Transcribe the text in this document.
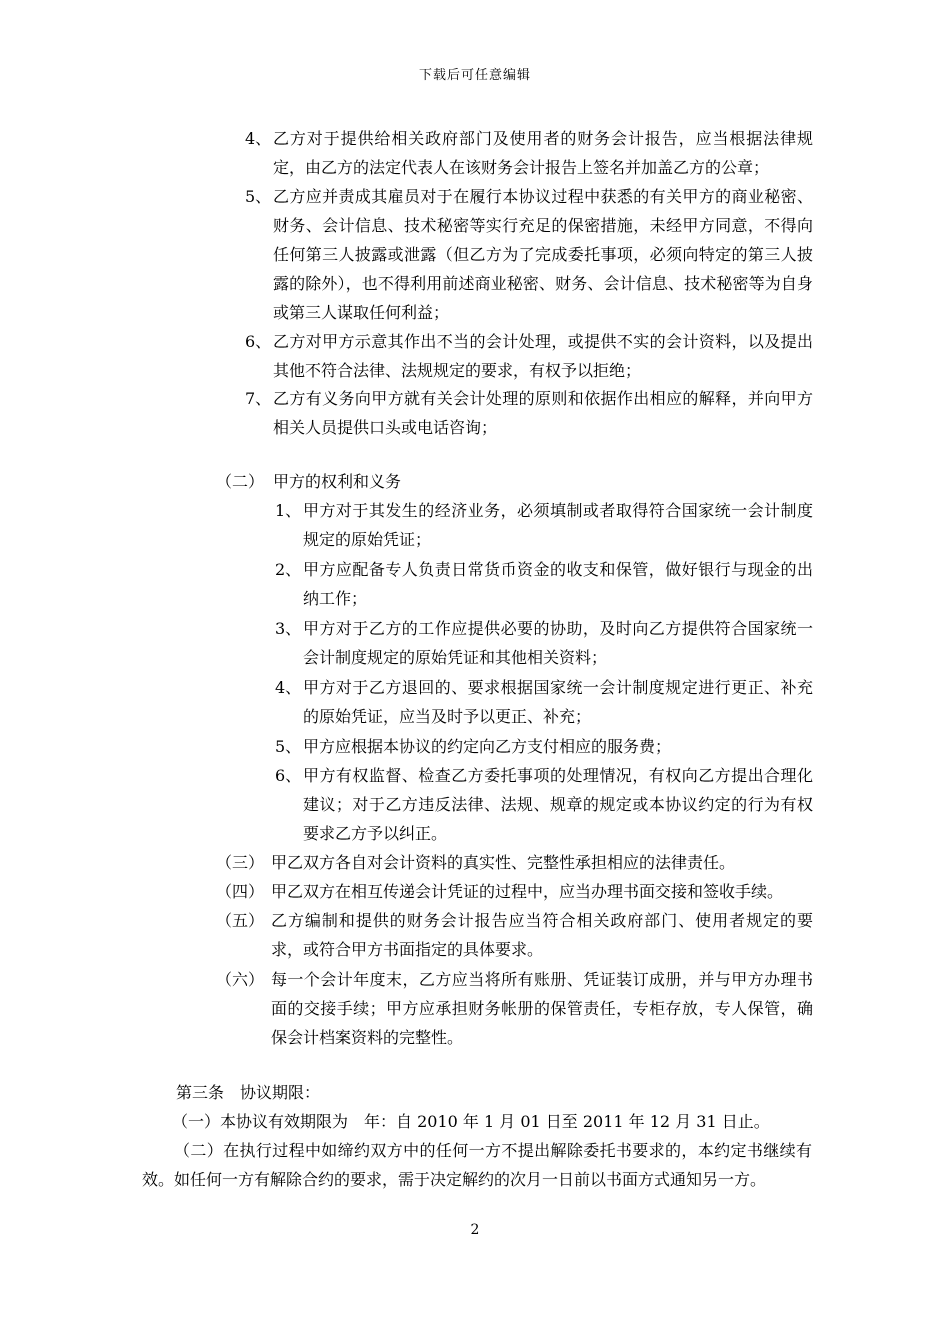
下载后可任意编辑
4、 乙方对于提供给相关政府部门及使用者的财务会计报告，应当根据法律规定，由乙方的法定代表人在该财务会计报告上签名并加盖乙方的公章；
5、 乙方应并责成其雇员对于在履行本协议过程中获悉的有关甲方的商业秘密、财务、会计信息、技术秘密等实行充足的保密措施，未经甲方同意，不得向任何第三人披露或泄露（但乙方为了完成委托事项，必须向特定的第三人披露的除外），也不得利用前述商业秘密、财务、会计信息、技术秘密等为自身或第三人谋取任何利益；
6、 乙方对甲方示意其作出不当的会计处理，或提供不实的会计资料，以及提出其他不符合法律、法规规定的要求，有权予以拒绝；
7、 乙方有义务向甲方就有关会计处理的原则和依据作出相应的解释，并向甲方相关人员提供口头或电话咨询；
（二） 甲方的权利和义务
1、 甲方对于其发生的经济业务，必须填制或者取得符合国家统一会计制度规定的原始凭证；
2、 甲方应配备专人负责日常货币资金的收支和保管，做好银行与现金的出纳工作；
3、 甲方对于乙方的工作应提供必要的协助，及时向乙方提供符合国家统一会计制度规定的原始凭证和其他相关资料；
4、 甲方对于乙方退回的、要求根据国家统一会计制度规定进行更正、补充的原始凭证，应当及时予以更正、补充；
5、 甲方应根据本协议的约定向乙方支付相应的服务费；
6、 甲方有权监督、检查乙方委托事项的处理情况，有权向乙方提出合理化建议；对于乙方违反法律、法规、规章的规定或本协议约定的行为有权要求乙方予以纠正。
（三） 甲乙双方各自对会计资料的真实性、完整性承担相应的法律责任。
（四） 甲乙双方在相互传递会计凭证的过程中，应当办理书面交接和签收手续。
（五） 乙方编制和提供的财务会计报告应当符合相关政府部门、使用者规定的要求，或符合甲方书面指定的具体要求。
（六） 每一个会计年度末，乙方应当将所有账册、凭证装订成册，并与甲方办理书面的交接手续；甲方应承担财务帐册的保管责任，专柜存放，专人保管，确保会计档案资料的完整性。
第三条　协议期限：
（一）本协议有效期限为　年：自 2010 年 1 月 01 日至 2011 年 12 月 31 日止。
（二）在执行过程中如缔约双方中的任何一方不提出解除委托书要求的，本约定书继续有效。如任何一方有解除合约的要求，需于决定解约的次月一日前以书面方式通知另一方。
2
